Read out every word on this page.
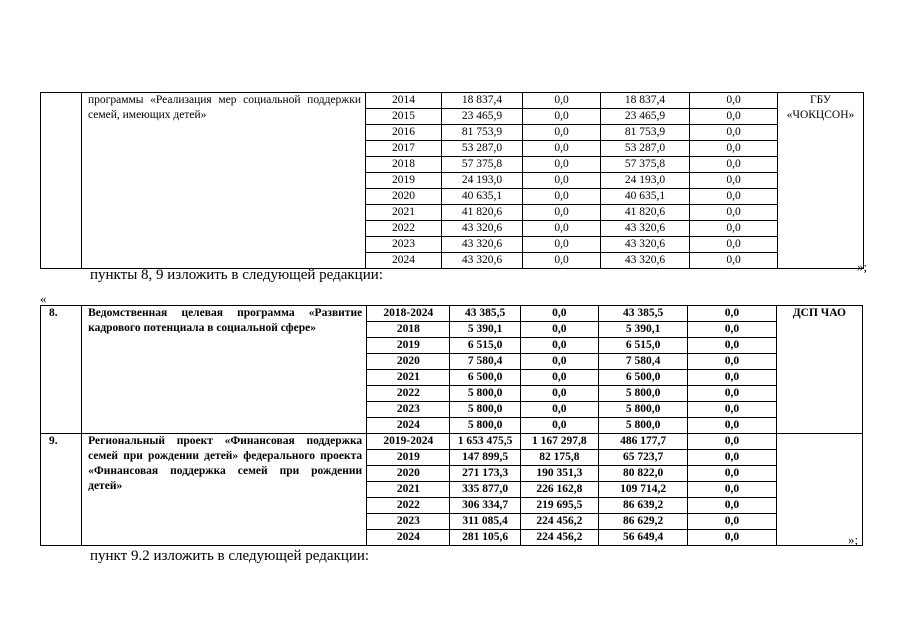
	программы «Реализация мер социальной поддержки семей, имеющих детей»	2014	18 837,4	0,0	18 837,4	0,0	ГБУ «ЧОКЦСОН»
		2015	23 465,9	0,0	23 465,9	0,0	
		2016	81 753,9	0,0	81 753,9	0,0	
		2017	53 287,0	0,0	53 287,0	0,0	
		2018	57 375,8	0,0	57 375,8	0,0	
		2019	24 193,0	0,0	24 193,0	0,0	
		2020	40 635,1	0,0	40 635,1	0,0	
		2021	41 820,6	0,0	41 820,6	0,0	
		2022	43 320,6	0,0	43 320,6	0,0	
		2023	43 320,6	0,0	43 320,6	0,0	
		2024	43 320,6	0,0	43 320,6	0,0		»;
пункты 8, 9 изложить в следующей редакции:
«
8.	Ведомственная целевая программа «Развитие кадрового потенциала в социальной сфере»	2018-2024	43 385,5	0,0	43 385,5	0,0	ДСП ЧАО
		2018	5 390,1	0,0	5 390,1	0,0	
		2019	6 515,0	0,0	6 515,0	0,0	
		2020	7 580,4	0,0	7 580,4	0,0	
		2021	6 500,0	0,0	6 500,0	0,0	
		2022	5 800,0	0,0	5 800,0	0,0	
		2023	5 800,0	0,0	5 800,0	0,0	
		2024	5 800,0	0,0	5 800,0	0,0	
9.	Региональный проект «Финансовая поддержка семей при рождении детей» федерального проекта «Финансовая поддержка семей при рождении детей»	2019-2024	1 653 475,5	1 167 297,8	486 177,7	0,0	
		2019	147 899,5	82 175,8	65 723,7	0,0	
		2020	271 173,3	190 351,3	80 822,0	0,0	
		2021	335 877,0	226 162,8	109 714,2	0,0	
		2022	306 334,7	219 695,5	86 639,2	0,0	
		2023	311 085,4	224 456,2	86 629,2	0,0	
		2024	281 105,6	224 456,2	56 649,4	0,0		»;
пункт 9.2 изложить в следующей редакции:
